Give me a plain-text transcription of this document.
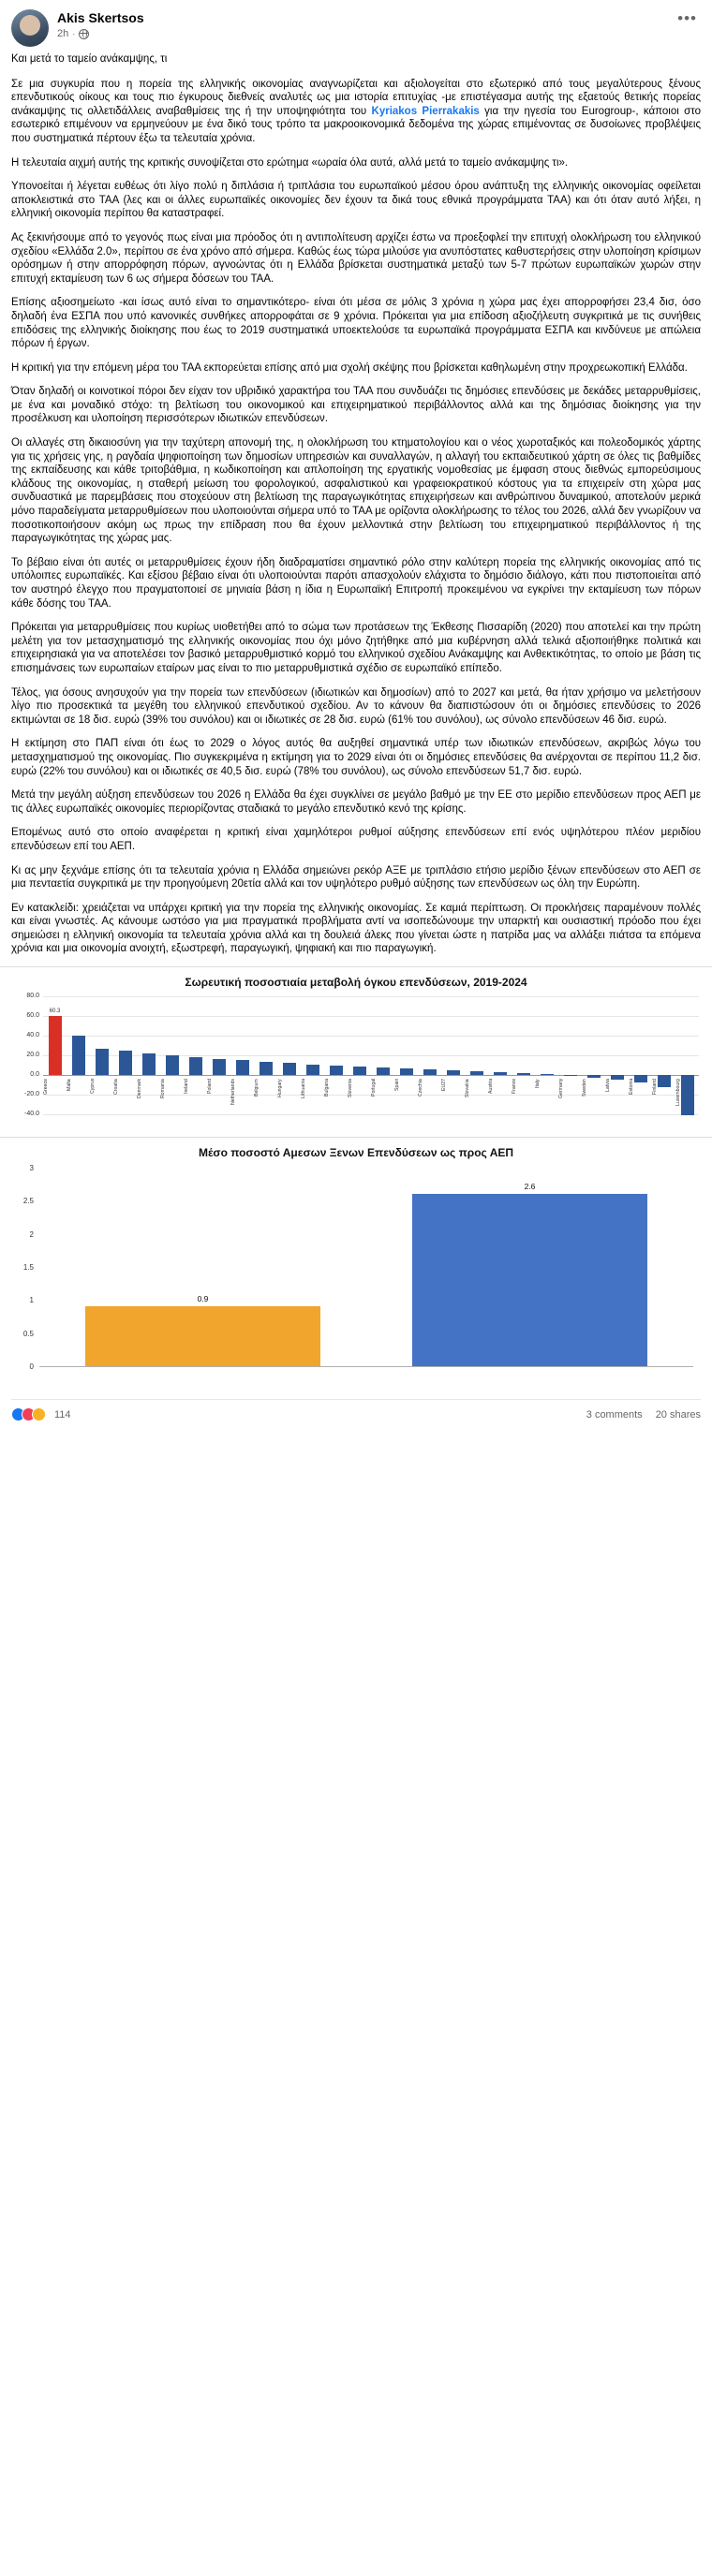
Akis Skertsos
2h ·
•••

Και μετά το ταμείο ανάκαμψης, τι

Σε μια συγκυρία που η πορεία της ελληνικής οικονομίας αναγνωρίζεται και αξιολογείται στο εξωτερικό από τους μεγαλύτερους ξένους επενδυτικούς οίκους και τους πιο έγκυρους διεθνείς αναλυτές ως μια ιστορία επιτυχίας -με επιστέγασμα αυτής της εξαετούς θετικής πορείας ανάκαμψης τις ολλετιδάλλεις αναβαθμίσεις της ή την υποψηφιότητα του Kyriakos Pierrakakis για την ηγεσία του Eurogroup-, κάποιοι στο εσωτερικό επιμένουν να ερμηνεύουν με ένα δικό τους τρόπο τα μακροοικονομικά δεδομένα της χώρας επιμένοντας σε δυσοίωνες προβλέψεις που συστηματικά πέρτουν έξω τα τελευταία χρόνια.

Η τελευταία αιχμή αυτής της κριτικής συνοψίζεται στο ερώτημα «ωραία όλα αυτά, αλλά μετά το ταμείο ανάκαμψης τι».

Υπονοείται ή λέγεται ευθέως ότι λίγο πολύ η διπλάσια ή τριπλάσια του ευρωπαϊκού μέσου όρου ανάπτυξη της ελληνικής οικονομίας οφείλεται αποκλειστικά στο ΤΑΑ (λες και οι άλλες ευρωπαϊκές οικονομίες δεν έχουν τα δικά τους εθνικά προγράμματα ΤΑΑ) και ότι όταν αυτό λήξει, η ελληνική οικονομία περίπου θα καταστραφεί.

Ας ξεκινήσουμε από το γεγονός πως είναι μια πρόοδος ότι η αντιπολίτευση αρχίζει έστω να προεξοφλεί την επιτυχή ολοκλήρωση του ελληνικού σχεδίου «Ελλάδα 2.0», περίπου σε ένα χρόνο από σήμερα. Καθώς έως τώρα μιλούσε για ανυπόστατες καθυστερήσεις στην υλοποίηση κρίσιμων ορόσημων ή στην απορρόφηση πόρων, αγνοώντας ότι η Ελλάδα βρίσκεται συστηματικά μεταξύ των 5-7 πρώτων ευρωπαϊκών χωρών στην επιτυχή εκταμίευση των 6 ως σήμερα δόσεων του ΤΑΑ.

Επίσης αξιοσημείωτο -και ίσως αυτό είναι το σημαντικότερο- είναι ότι μέσα σε μόλις 3 χρόνια η χώρα μας έχει απορροφήσει 23,4 δισ, όσο δηλαδή ένα ΕΣΠΑ που υπό κανονικές συνθήκες απορροφάται σε 9 χρόνια. Πρόκειται για μια επίδοση αξιοζήλευτη συγκριτικά με τις συνήθεις επιδόσεις της ελληνικής διοίκησης που έως το 2019 συστηματικά υποεκτελούσε τα ευρωπαϊκά προγράμματα ΕΣΠΑ και κινδύνευε με απώλεια πόρων ή έργων.

Η κριτική για την επόμενη μέρα του ΤΑΑ εκπορεύεται επίσης από μια σχολή σκέψης που βρίσκεται καθηλωμένη στην προχρεωκοπική Ελλάδα.

Όταν δηλαδή οι κοινοτικοί πόροι δεν είχαν τον υβριδικό χαρακτήρα του ΤΑΑ που συνδυάζει τις δημόσιες επενδύσεις με δεκάδες μεταρρυθμίσεις, με ένα και μοναδικό στόχο: τη βελτίωση του οικονομικού και επιχειρηματικού περιβάλλοντος αλλά και της δημόσιας διοίκησης για την προσέλκυση και υλοποίηση περισσότερων ιδιωτικών επενδύσεων.

Οι αλλαγές στη δικαιοσύνη για την ταχύτερη απονομή της, η ολοκλήρωση του κτηματολογίου και ο νέος χωροταξικός και πολεοδομικός χάρτης για τις χρήσεις γης, η ραγδαία ψηφιοποίηση των δημοσίων υπηρεσιών και συναλλαγών, η αλλαγή του εκπαιδευτικού χάρτη σε όλες τις βαθμίδες της εκπαίδευσης και κάθε τριτοβάθμια, η κωδικοποίηση και απλοποίηση της εργατικής νομοθεσίας με έμφαση στους διεθνώς εμπορεύσιμους κλάδους της οικονομίας, η σταθερή μείωση του φορολογικού, ασφαλιστικού και γραφειοκρατικού κόστους για τα επιχειρείν στη χώρα μας συνδυαστικά με παρεμβάσεις που στοχεύουν στη βελτίωση της παραγωγικότητας επιχειρήσεων και ανθρώπινου δυναμικού, αποτελούν μερικά μόνο παραδείγματα μεταρρυθμίσεων που υλοποιούνται σήμερα υπό το ΤΑΑ με ορίζοντα ολοκλήρωσης το τέλος του 2026, αλλά δεν γνωρίζουν να ποσοτικοποιήσουν ακόμη ως πρως την επίδραση που θα έχουν μελλοντικά στην βελτίωση του επιχειρηματικού περιβάλλοντος ή της παραγωγικότητας της χώρας μας.

Το βέβαιο είναι ότι αυτές οι μεταρρυθμίσεις έχουν ήδη διαδραματίσει σημαντικό ρόλο στην καλύτερη πορεία της ελληνικής οικονομίας από τις υπόλοιπες ευρωπαϊκές. Και εξίσου βέβαιο είναι ότι υλοποιούνται παρότι απασχολούν ελάχιστα το δημόσιο διάλογο, κάτι που πιστοποιείται από τον αυστηρό έλεγχο που πραγματοποιεί σε μηνιαία βάση η ίδια η Ευρωπαϊκή Επιτροπή προκειμένου να εγκρίνει την εκταμίευση των πόρων κάθε δόσης του ΤΑΑ.

Πρόκειται για μεταρρυθμίσεις που κυρίως υιοθετήθει από το σώμα των προτάσεων της Έκθεσης Πισσαρίδη (2020) που αποτελεί και την πρώτη μελέτη για τον μετασχηματισμό της ελληνικής οικονομίας που όχι μόνο ζητήθηκε από μια κυβέρνηση αλλά τελικά αξιοποιήθηκε πολιτικά και επιχειρησιακά για να αποτελέσει τον βασικό μεταρρυθμιστικό κορμό του ελληνικού σχεδίου Ανάκαμψης και Ανθεκτικότητας, το οποίο με βάση τις επισημάνσεις των ευρωπαίων εταίρων μας είναι το πιο μεταρρυθμιστικά σχέδιο σε ευρωπαϊκό επίπεδο.

Τέλος, για όσους ανησυχούν για την πορεία των επενδύσεων (ιδιωτικών και δημοσίων) από το 2027 και μετά, θα ήταν χρήσιμο να μελετήσουν λίγο πιο προσεκτικά τα μεγέθη του ελληνικού επενδυτικού σχεδίου. Αν το κάνουν θα διαπιστώσουν ότι οι δημόσιες επενδύσεις το 2026 εκτιμώνται σε 18 δισ. ευρώ (39% του συνόλου) και οι ιδιωτικές σε 28 δισ. ευρώ (61% του συνόλου), ως σύνολο επενδύσεων 46 δισ. ευρώ.

Η εκτίμηση στο ΠΑΠ είναι ότι έως το 2029 ο λόγος αυτός θα αυξηθεί σημαντικά υπέρ των ιδιωτικών επενδύσεων, ακριβώς λόγω του μετασχηματισμού της οικονομίας. Πιο συγκεκριμένα η εκτίμηση για το 2029 είναι ότι οι δημόσιες επενδύσεις θα ανέρχονται σε περίπου 11,2 δισ. ευρώ (22% του συνόλου) και οι ιδιωτικές σε 40,5 δισ. ευρώ (78% του συνόλου), ως σύνολο επενδύσεων 51,7 δισ. ευρώ.

Μετά την μεγάλη αύξηση επενδύσεων του 2026 η Ελλάδα θα έχει συγκλίνει σε μεγάλο βαθμό με την ΕΕ στο μερίδιο επενδύσεων προς ΑΕΠ με τις άλλες ευρωπαϊκές οικονομίες περιορίζοντας σταδιακά το μεγάλο επενδυτικό κενό της κρίσης.

Επομένως αυτό στο οποίο αναφέρεται η κριτική είναι χαμηλότεροι ρυθμοί αύξησης επενδύσεων επί ενός υψηλότερου πλέον μεριδίου επενδύσεων επί του ΑΕΠ.

Κι ας μην ξεχνάμε επίσης ότι τα τελευταία χρόνια η Ελλάδα σημειώνει ρεκόρ ΑΞΕ με τριπλάσιο ετήσιο μερίδιο ξένων επενδύσεων στο ΑΕΠ σε μια πενταετία συγκριτικά με την προηγούμενη 20ετία αλλά και τον υψηλότερο ρυθμό αύξησης των επενδύσεων ως όλη την Ευρώπη.

Εν κατακλείδι: χρειάζεται να υπάρχει κριτική για την πορεία της ελληνικής οικονομίας. Σε καμιά περίπτωση. Οι προκλήσεις παραμένουν πολλές και είναι γνωστές. Ας κάνουμε ωστόσο για μια πραγματικά προβλήματα αντί να ισοπεδώνουμε την υπαρκτή και ουσιαστική πρόοδο που έχει σημειώσει η ελληνική οικονομία τα τελευταία χρόνια αλλά και τη δουλειά άλεκς που γίνεται ώστε η πατρίδα μας να αλλάξει πιάτσα τα επόμενα χρόνια και μια οικονομία ανοιχτή, εξωστρεφή, παραγωγική, ψηφιακή και πιο παραγωγική.

Σωρευτική ποσοστιαία μεταβολή όγκου επενδύσεων, 2019-2024
80.0
60.0
40.0
20.0
0.0
-20.0
-40.0
60.3
Greece	Malta	Cyprus	Croatia	Denmark	Romania	Ireland	Poland	Netherlands	Belgium	Hungary	Lithuania	Bulgaria	Slovenia	Portugal	Spain	Czechia	EU27	Slovakia	Austria	France	Italy	Germany	Sweden	Latvia	Estonia	Finland	Luxembourg
Μέσο ποσοστό Αμεσων Ξενων Επενδύσεων ως προς ΑΕΠ
3
2.5
2
1.5
1
0.5
0
0.9
2.6
114	3 comments 20 shares
